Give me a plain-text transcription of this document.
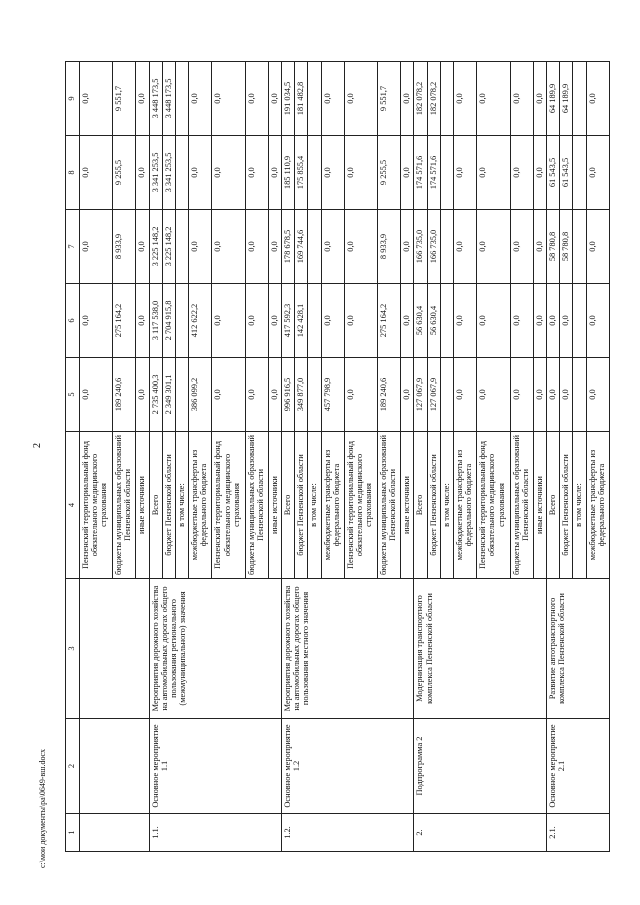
2
1	2	3	4	5	6	7	8	9
			Пензенский территориальный фонд обязательного медицинского страхования	0,0	0,0	0,0	0,0	0,0
			бюджеты муниципальных образований Пензенской области	189 240,6	275 164,2	8 933,9	9 255,5	9 551,7
			иные источники	0,0	0,0	0,0	0,0	0,0
1.1.	Основное мероприятие 1.1	Мероприятия дорожного хозяйства на автомобильных дорогах общего пользования регионального (межмуниципального) значения	Всего	2 735 400,3	3 117 538,0	3 225 148,2	3 341 253,5	3 448 173,5
			бюджет Пензенской области	2 349 301,1	2 704 915,8	3 225 148,2	3 341 253,5	3 448 173,5
			в том числе:					
			межбюджетные трансферты из федерального бюджета	386 099,2	412 622,2	0,0	0,0	0,0
			Пензенский территориальный фонд обязательного медицинского страхования	0,0	0,0	0,0	0,0	0,0
			бюджеты муниципальных образований Пензенской области	0,0	0,0	0,0	0,0	0,0
			иные источники	0,0	0,0	0,0	0,0	0,0
1.2.	Основное мероприятие 1.2	Мероприятия дорожного хозяйства на автомобильных дорогах общего пользования местного значения	Всего	996 916,5	417 592,3	178 678,5	185 110,9	191 034,5
			бюджет Пензенской области	349 877,0	142 428,1	169 744,6	175 855,4	181 482,8
			в том числе:					
			межбюджетные трансферты из федерального бюджета	457 798,9	0,0	0,0	0,0	0,0
			Пензенский территориальный фонд обязательного медицинского страхования	0,0	0,0	0,0	0,0	0,0
			бюджеты муниципальных образований Пензенской области	189 240,6	275 164,2	8 933,9	9 255,5	9 551,7
			иные источники	0,0	0,0	0,0	0,0	0,0
2.	Подпрограмма 2	Модернизация транспортного комплекса Пензенской области	Всего	127 067,9	56 630,4	166 735,0	174 571,6	182 078,2
			бюджет Пензенской области	127 067,9	56 630,4	166 735,0	174 571,6	182 078,2
			в том числе:					
			межбюджетные трансферты из федерального бюджета	0,0	0,0	0,0	0,0	0,0
			Пензенский территориальный фонд обязательного медицинского страхования	0,0	0,0	0,0	0,0	0,0
			бюджеты муниципальных образований Пензенской области	0,0	0,0	0,0	0,0	0,0
			иные источники	0,0	0,0	0,0	0,0	0,0
2.1.	Основное мероприятие 2.1	Развитие автотранспортного комплекса Пензенской области	Всего	0,0	0,0	58 780,8	61 543,5	64 189,9
			бюджет Пензенской области	0,0	0,0	58 780,8	61 543,5	64 189,9
			в том числе:					
			межбюджетные трансферты из федерального бюджета	0,0	0,0	0,0	0,0	0,0
c:\мои документы\ра\0649-вш.docx
